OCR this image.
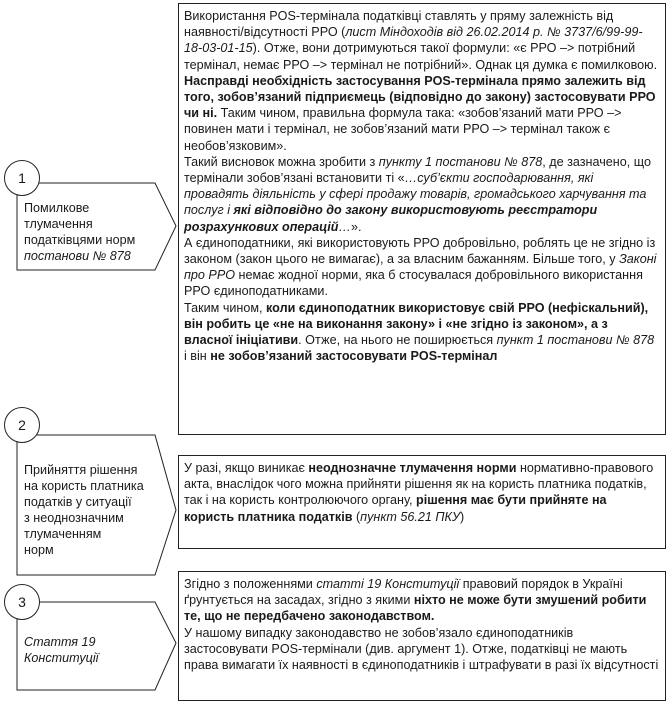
1
Помилкове
тлумачення
податківцями норм
постанови № 878

Використання POS-термінала податківці ставлять у пряму залежність від наявності/відсутності РРО (лист Міндоходів від 26.02.2014 р. № 3737/6/99-99-18-03-01-15). Отже, вони дотримуються такої формули: «є РРО –> потрібний термінал, немає РРО –> термінал не потрібний». Однак ця думка є помилковою.

Насправді необхідність застосування POS-термінала прямо залежить від того, зобов’язаний підприємець (відповідно до закону) застосовувати РРО чи ні. Таким чином, правильна формула така: «зобов’язаний мати РРО –> повинен мати і термінал, не зобов’язаний мати РРО –> термінал також є необов’язковим».

Такий висновок можна зробити з пункту 1 постанови № 878, де зазначено, що термінали зобов’язані встановити ті «…суб’єкти господарювання, які провадять діяльність у сфері продажу товарів, громадського харчування та послуг і які відповідно до закону використовують реєстратори розрахункових операцій…».

А єдиноподатники, які використовують РРО добровільно, роблять це не згідно із законом (закон цього не вимагає), а за власним бажанням. Більше того, у Законі про РРО немає жодної норми, яка б стосувалася добровільного використання РРО єдиноподатниками.

Таким чином, коли єдиноподатник використовує свій РРО (нефіскальний), він робить це «не на виконання закону» і «не згідно із законом», а з власної ініціативи. Отже, на нього не поширюється пункт 1 постанови № 878 і він не зобов’язаний застосовувати POS-термінал

2
Прийняття рішення
на користь платника
податків у ситуації
з неоднозначним
тлумаченням
норм

У разі, якщо виникає неоднозначне тлумачення норми нормативно-правового акта, внаслідок чого можна прийняти рішення як на користь платника податків, так і на користь контролюючого органу, рішення має бути прийняте на користь платника податків (пункт 56.21 ПКУ)

3
Стаття 19
Конституції

Згідно з положеннями статті 19 Конституції правовий порядок в Україні ґрунтується на засадах, згідно з якими ніхто не може бути змушений робити те, що не передбачено законодавством.

У нашому випадку законодавство не зобов’язало єдиноподатників застосовувати POS-термінали (див. аргумент 1). Отже, податківці не мають права вимагати їх наявності в єдиноподатників і штрафувати в разі їх відсутності
